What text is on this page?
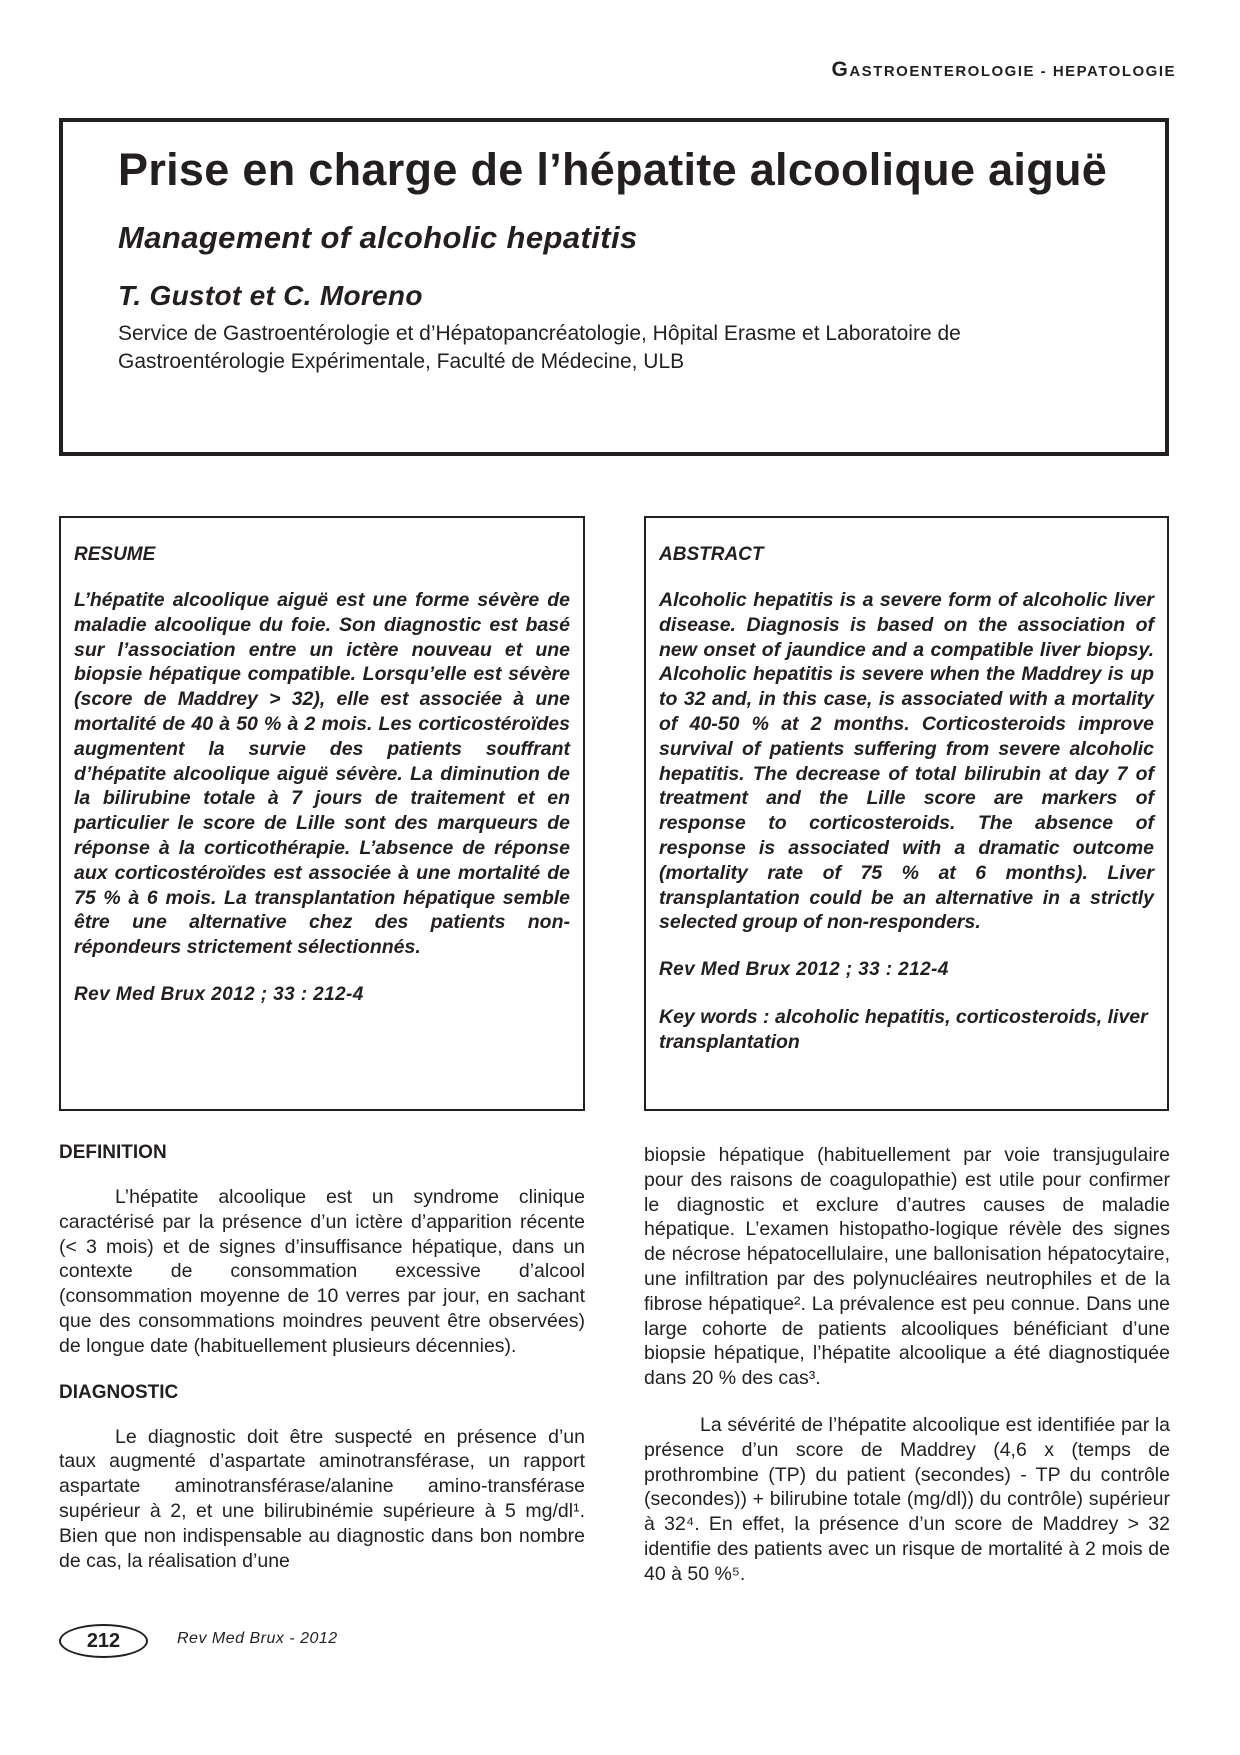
GASTROENTEROLOGIE - HEPATOLOGIE
Prise en charge de l’hépatite alcoolique aiguë

Management of alcoholic hepatitis

T. Gustot et C. Moreno

Service de Gastroentérologie et d’Hépatopancréatologie, Hôpital Erasme et Laboratoire de Gastroentérologie Expérimentale, Faculté de Médecine, ULB

RESUME

L’hépatite alcoolique aiguë est une forme sévère de maladie alcoolique du foie. Son diagnostic est basé sur l’association entre un ictère nouveau et une biopsie hépatique compatible. Lorsqu’elle est sévère (score de Maddrey > 32), elle est associée à une mortalité de 40 à 50 % à 2 mois. Les corticostéroïdes augmentent la survie des patients souffrant d’hépatite alcoolique aiguë sévère. La diminution de la bilirubine totale à 7 jours de traitement et en particulier le score de Lille sont des marqueurs de réponse à la corticothérapie. L’absence de réponse aux corticostéroïdes est associée à une mortalité de 75 % à 6 mois. La transplantation hépatique semble être une alternative chez des patients non-répondeurs strictement sélectionnés.

Rev Med Brux 2012 ; 33 : 212-4

ABSTRACT

Alcoholic hepatitis is a severe form of alcoholic liver disease. Diagnosis is based on the association of new onset of jaundice and a compatible liver biopsy. Alcoholic hepatitis is severe when the Maddrey is up to 32 and, in this case, is associated with a mortality of 40-50 % at 2 months. Corticosteroids improve survival of patients suffering from severe alcoholic hepatitis. The decrease of total bilirubin at day 7 of treatment and the Lille score are markers of response to corticosteroids. The absence of response is associated with a dramatic outcome (mortality rate of 75 % at 6 months). Liver transplantation could be an alternative in a strictly selected group of non-responders.

Rev Med Brux 2012 ; 33 : 212-4

Key words : alcoholic hepatitis, corticosteroids, liver transplantation

DEFINITION

L’hépatite alcoolique est un syndrome clinique caractérisé par la présence d’un ictère d’apparition récente (< 3 mois) et de signes d’insuffisance hépatique, dans un contexte de consommation excessive d’alcool (consommation moyenne de 10 verres par jour, en sachant que des consommations moindres peuvent être observées) de longue date (habituellement plusieurs décennies).

DIAGNOSTIC

Le diagnostic doit être suspecté en présence d’un taux augmenté d’aspartate aminotransférase, un rapport aspartate aminotransférase/alanine amino-transférase supérieur à 2, et une bilirubinémie supérieure à 5 mg/dl¹. Bien que non indispensable au diagnostic dans bon nombre de cas, la réalisation d’une

biopsie hépatique (habituellement par voie transjugulaire pour des raisons de coagulopathie) est utile pour confirmer le diagnostic et exclure d’autres causes de maladie hépatique. L’examen histopatho-logique révèle des signes de nécrose hépatocellulaire, une ballonisation hépatocytaire, une infiltration par des polynucléaires neutrophiles et de la fibrose hépatique². La prévalence est peu connue. Dans une large cohorte de patients alcooliques bénéficiant d’une biopsie hépatique, l’hépatite alcoolique a été diagnostiquée dans 20 % des cas³.

La sévérité de l’hépatite alcoolique est identifiée par la présence d’un score de Maddrey (4,6 x (temps de prothrombine (TP) du patient (secondes) - TP du contrôle (secondes)) + bilirubine totale (mg/dl)) du contrôle) supérieur à 32⁴. En effet, la présence d’un score de Maddrey > 32 identifie des patients avec un risque de mortalité à 2 mois de 40 à 50 %⁵.

212	Rev Med Brux - 2012
